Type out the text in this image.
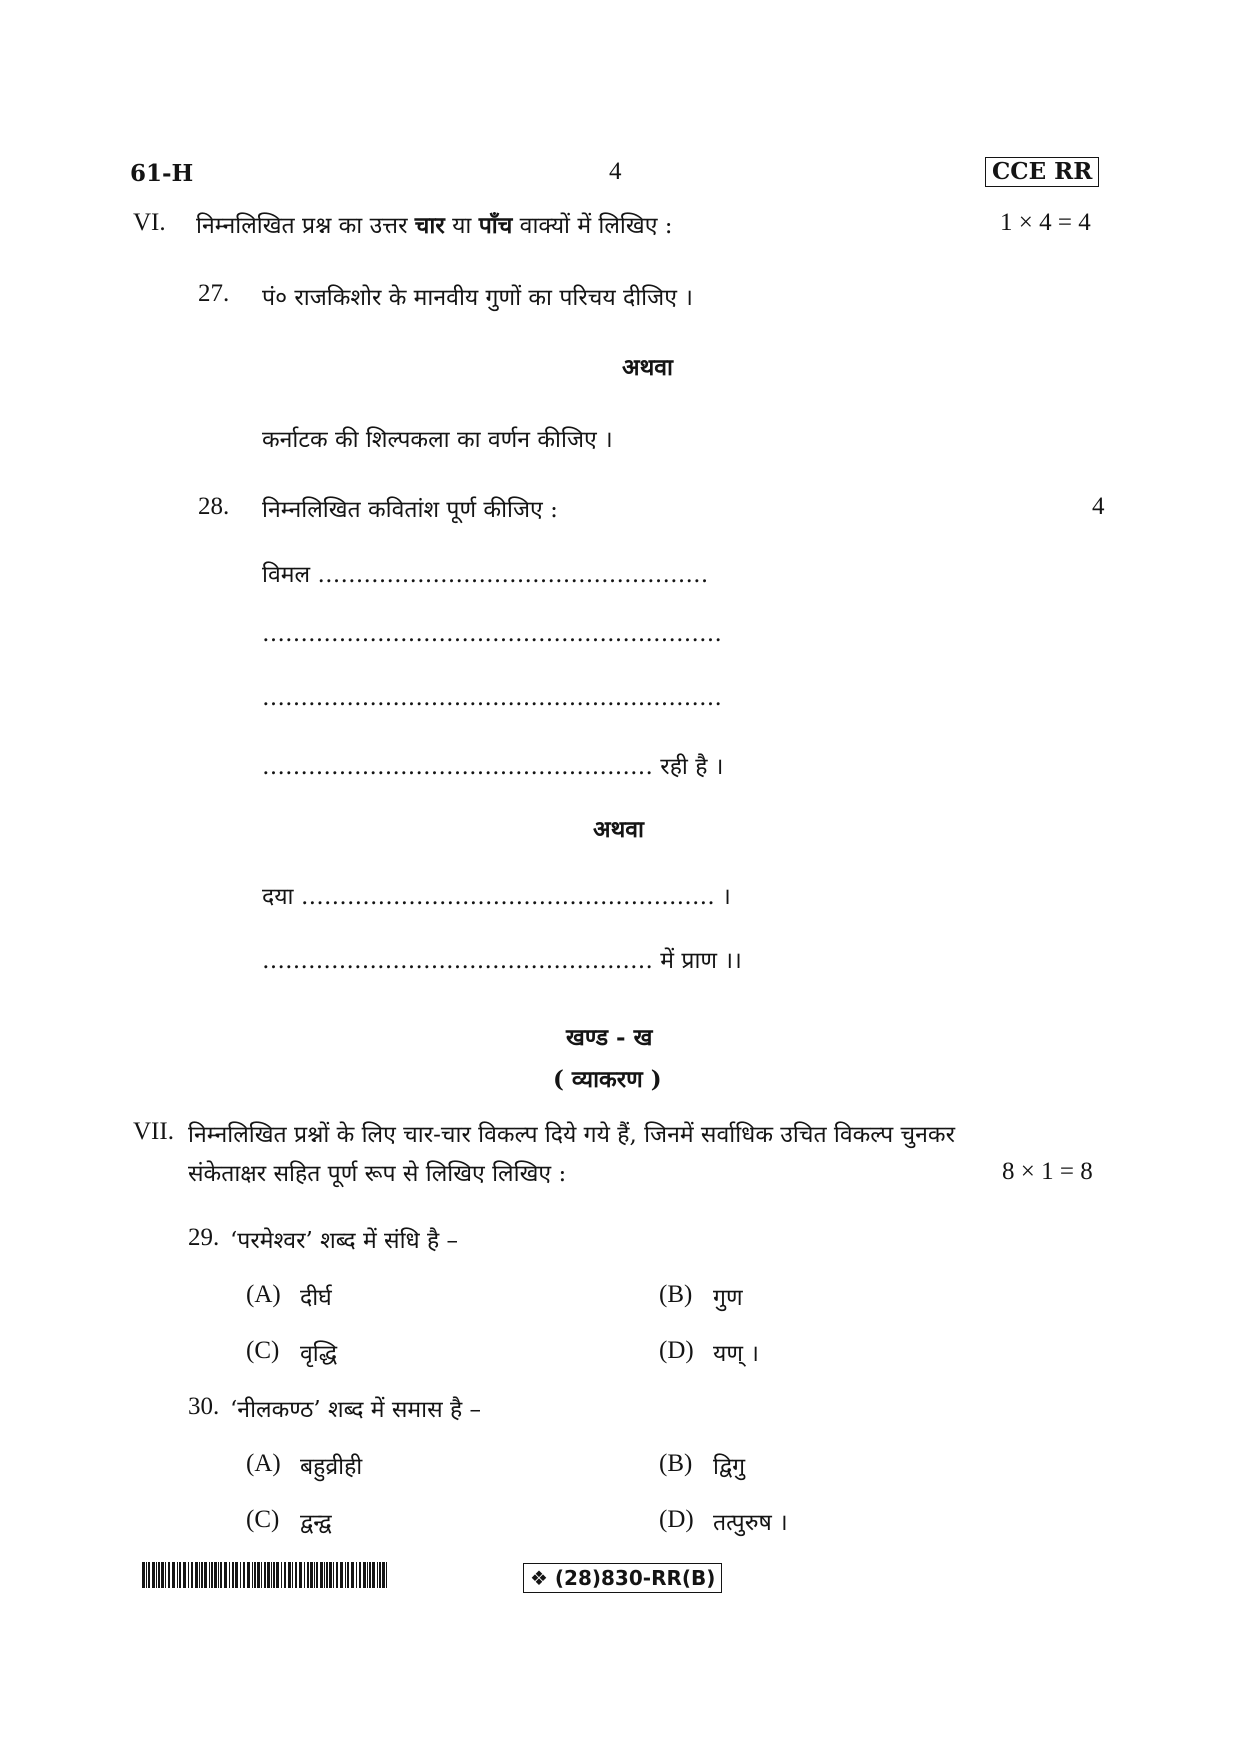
61-H	4	CCE RR
VI. निम्नलिखित प्रश्न का उत्तर चार या पाँच वाक्यों में लिखिए :	1 × 4 = 4
27. पं० राजकिशोर के मानवीय गुणों का परिचय दीजिए ।
अथवा
कर्नाटक की शिल्पकला का वर्णन कीजिए ।
28. निम्नलिखित कवितांश पूर्ण कीजिए :	4
विमल ……………………………………………
……………………………………………………
……………………………………………………
…………………………………………… रही है ।
अथवा
दया ……………………………………………… ।
…………………………………………… में प्राण ।।
खण्ड - ख
( व्याकरण )
VII. निम्नलिखित प्रश्नों के लिए चार-चार विकल्प दिये गये हैं, जिनमें सर्वाधिक उचित विकल्प चुनकर
संकेताक्षर सहित पूर्ण रूप से लिखिए लिखिए :	8 × 1 = 8
29. ‘परमेश्वर’ शब्द में संधि है –
(A) दीर्घ	(B) गुण
(C) वृद्धि	(D) यण् ।
30. ‘नीलकण्ठ’ शब्द में समास है –
(A) बहुव्रीही	(B) द्विगु
(C) द्वन्द्व	(D) तत्पुरुष ।
❖ (28)830-RR(B)
